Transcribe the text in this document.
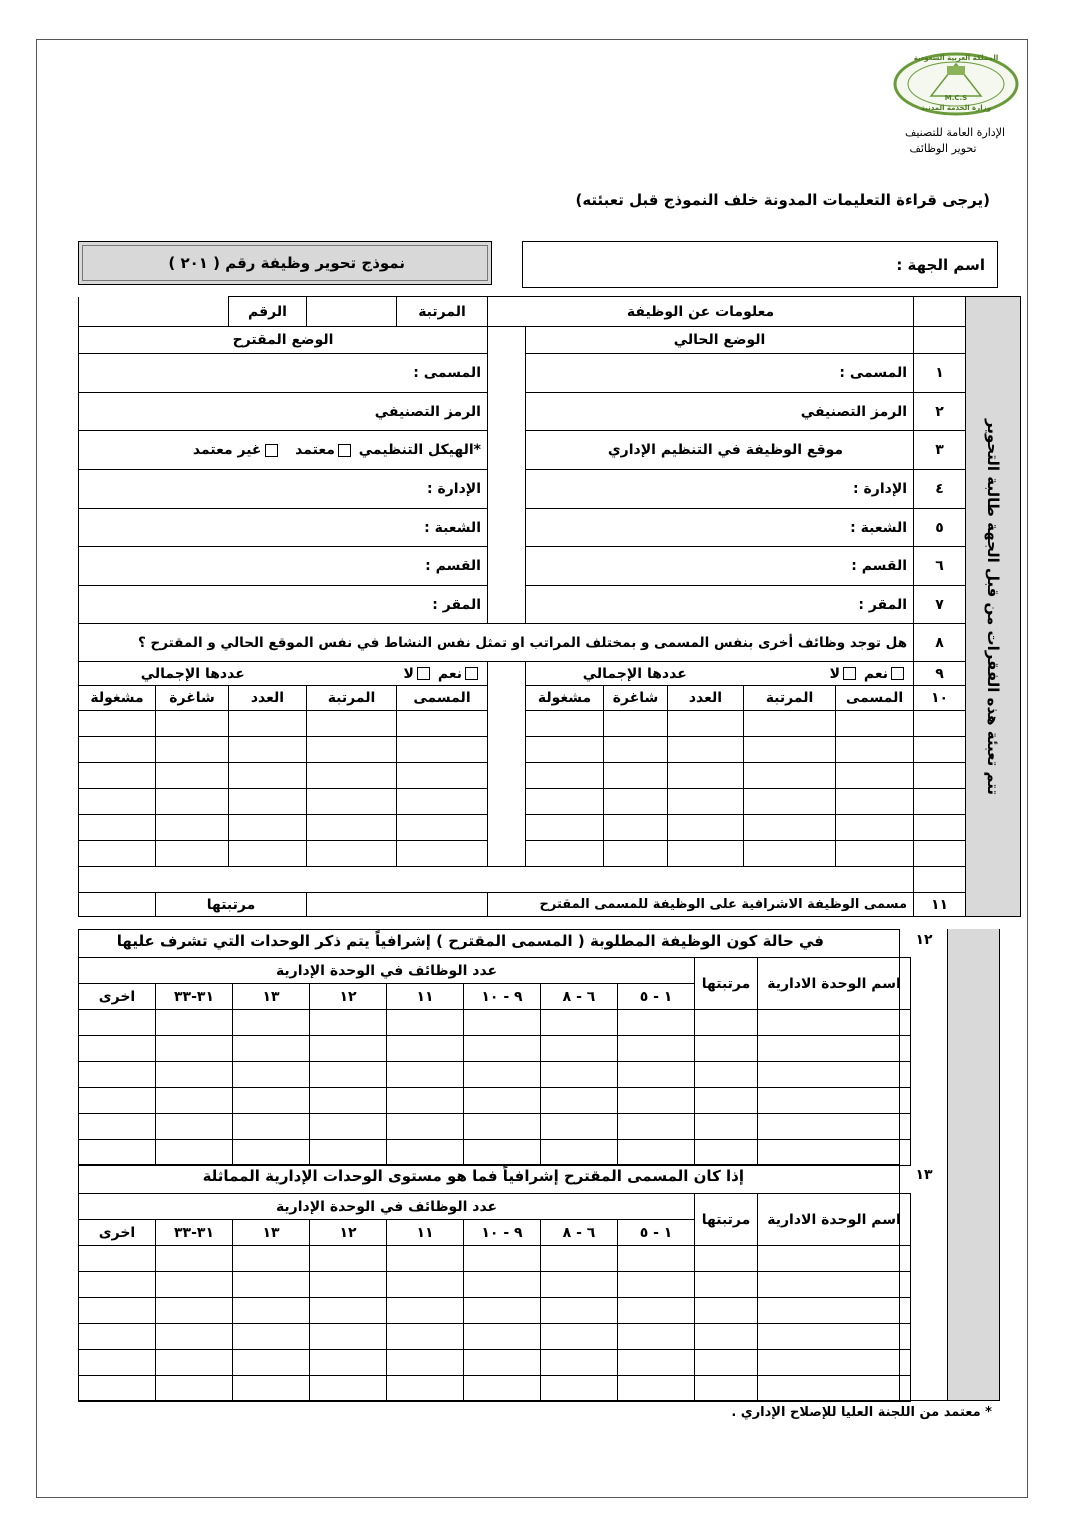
المملكة العربية السعودية
M.C.S
وزارة الخدمة المدنية
الإدارة العامة للتصنيف
تحوير الوظائف
(يرجى قراءة التعليمات المدونة خلف النموذج قبل تعبئته)
نموذج تحوير وظيفة رقم ( ٢٠١ )	اسم الجهة :
		الرقم		المرتبة	معلومات عن الوظيفة							تتم تعبئة هذه الفقرات من قبل الجهة طالبة التحوير
الوضع المقترح						الوضع الحالي						
المسمى :						المسمى :					١	
الرمز التصنيفي						الرمز التصنيفي					٢	
*الهيكل التنظيمي معتمد   غير معتمد						موقع الوظيفة في التنظيم الإداري					٣	
الإدارة :						الإدارة :					٤	
الشعبة :						الشعبة :					٥	
القسم :						القسم :					٦	
المقر :						المقر :					٧	
هل توجد وظائف أخرى بنفس المسمى و بمختلف المراتب او تمثل نفس النشاط في نفس الموقع الحالي و المقترح ؟											٨	
عددها الإجمالي			نعم لا			عددها الإجمالي			نعم لا		٩	
مشغولة	شاغرة	العدد	المرتبة	المسمى		مشغولة	شاغرة	العدد	المرتبة	المسمى	١٠	

	مرتبتها				مسمى الوظيفة الاشرافية على الوظيفة للمسمى المقترح						١١	
في حالة كون الوظيفة المطلوبة ( المسمى المقترح ) إشرافياً يتم ذكر الوحدات التي تشرف عليها	١٢
عدد الوظائف في الوحدة الإدارية								مرتبتها	اسم الوحدة الادارية
اخرى	٣١-٣٣	١٣	١٢	١١	٩ - ١٠	٦ - ٨	١ - ٥		

إذا كان المسمى المقترح إشرافياً فما هو مستوى الوحدات الإدارية المماثلة	١٣
عدد الوظائف في الوحدة الإدارية								مرتبتها	اسم الوحدة الادارية
اخرى	٣١-٣٣	١٣	١٢	١١	٩ - ١٠	٦ - ٨	١ - ٥		

* معتمد من اللجنة العليا للإصلاح الإداري .
